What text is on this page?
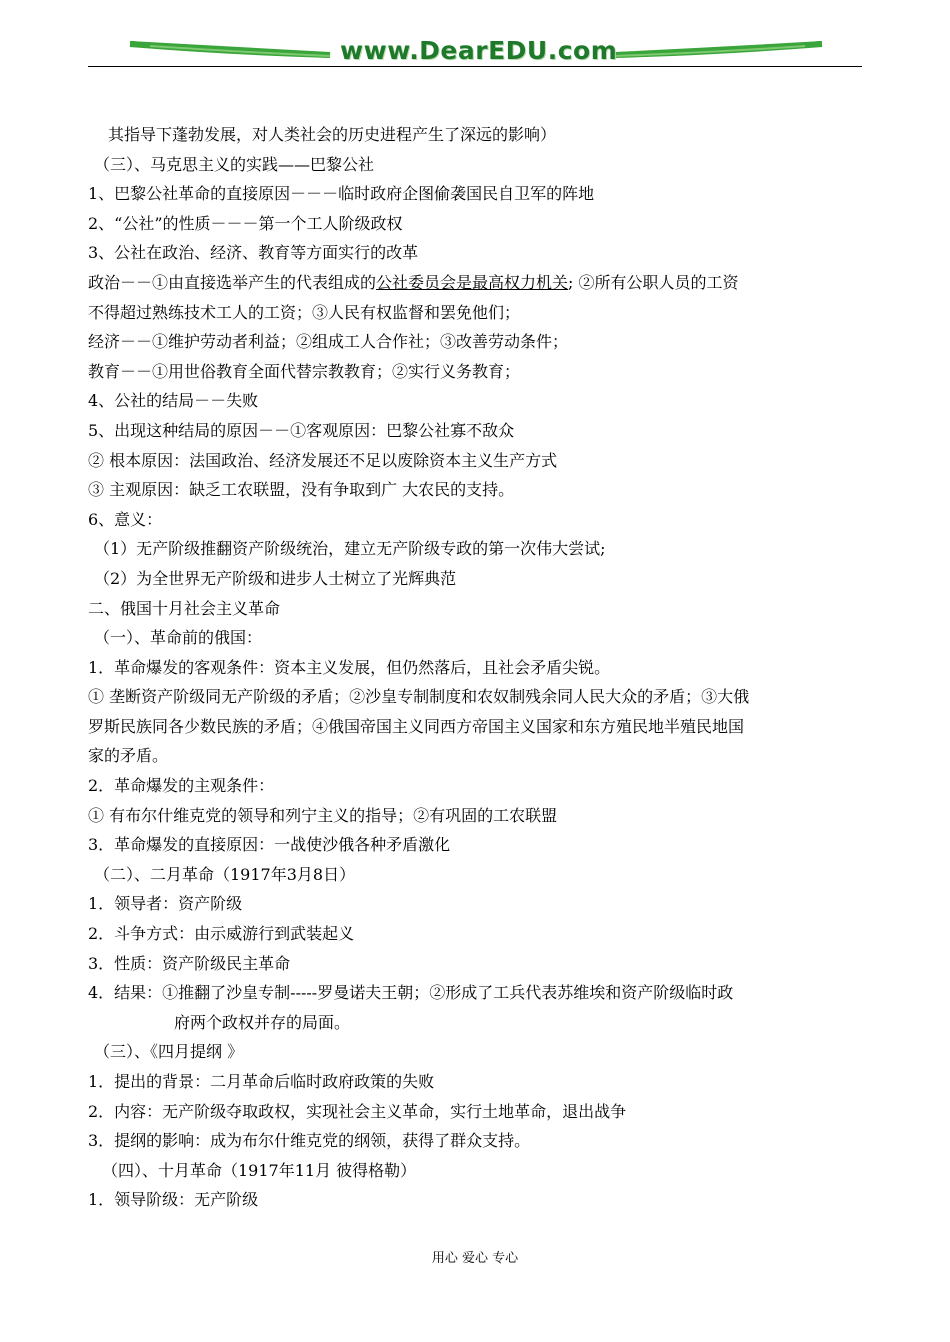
www.DearEDU.com
其指导下蓬勃发展，对人类社会的历史进程产生了深远的影响）
（三）、马克思主义的实践——巴黎公社
1、巴黎公社革命的直接原因－－－临时政府企图偷袭国民自卫军的阵地
2、“公社”的性质－－－第一个工人阶级政权
3、公社在政治、经济、教育等方面实行的改革
政治－－①由直接选举产生的代表组成的公社委员会是最高权力机关; ②所有公职人员的工资
不得超过熟练技术工人的工资；③人民有权监督和罢免他们；
经济－－①维护劳动者利益；②组成工人合作社；③改善劳动条件；
教育－－①用世俗教育全面代替宗教教育；②实行义务教育；
4、公社的结局－－失败
5、出现这种结局的原因－－①客观原因：巴黎公社寡不敌众
② 根本原因：法国政治、经济发展还不足以废除资本主义生产方式
③ 主观原因：缺乏工农联盟，没有争取到广 大农民的支持。
6、意义：
（1）无产阶级推翻资产阶级统治，建立无产阶级专政的第一次伟大尝试;
（2）为全世界无产阶级和进步人士树立了光辉典范
二、俄国十月社会主义革命
（一）、革命前的俄国：
1．革命爆发的客观条件：资本主义发展，但仍然落后，且社会矛盾尖锐。
① 垄断资产阶级同无产阶级的矛盾；②沙皇专制制度和农奴制残余同人民大众的矛盾；③大俄
罗斯民族同各少数民族的矛盾；④俄国帝国主义同西方帝国主义国家和东方殖民地半殖民地国
家的矛盾。
2．革命爆发的主观条件：
① 有布尔什维克党的领导和列宁主义的指导；②有巩固的工农联盟
3．革命爆发的直接原因：一战使沙俄各种矛盾激化
（二）、二月革命（1917年3月8日）
1．领导者：资产阶级
2．斗争方式：由示威游行到武装起义
3．性质：资产阶级民主革命
4．结果：①推翻了沙皇专制-----罗曼诺夫王朝；②形成了工兵代表苏维埃和资产阶级临时政
府两个政权并存的局面。
（三）、《四月提纲 》
1．提出的背景：二月革命后临时政府政策的失败
2．内容：无产阶级夺取政权，实现社会主义革命，实行土地革命，退出战争
3．提纲的影响：成为布尔什维克党的纲领，获得了群众支持。
（四）、十月革命（1917年11月 彼得格勒）
1．领导阶级：无产阶级
用心 爱心 专心
